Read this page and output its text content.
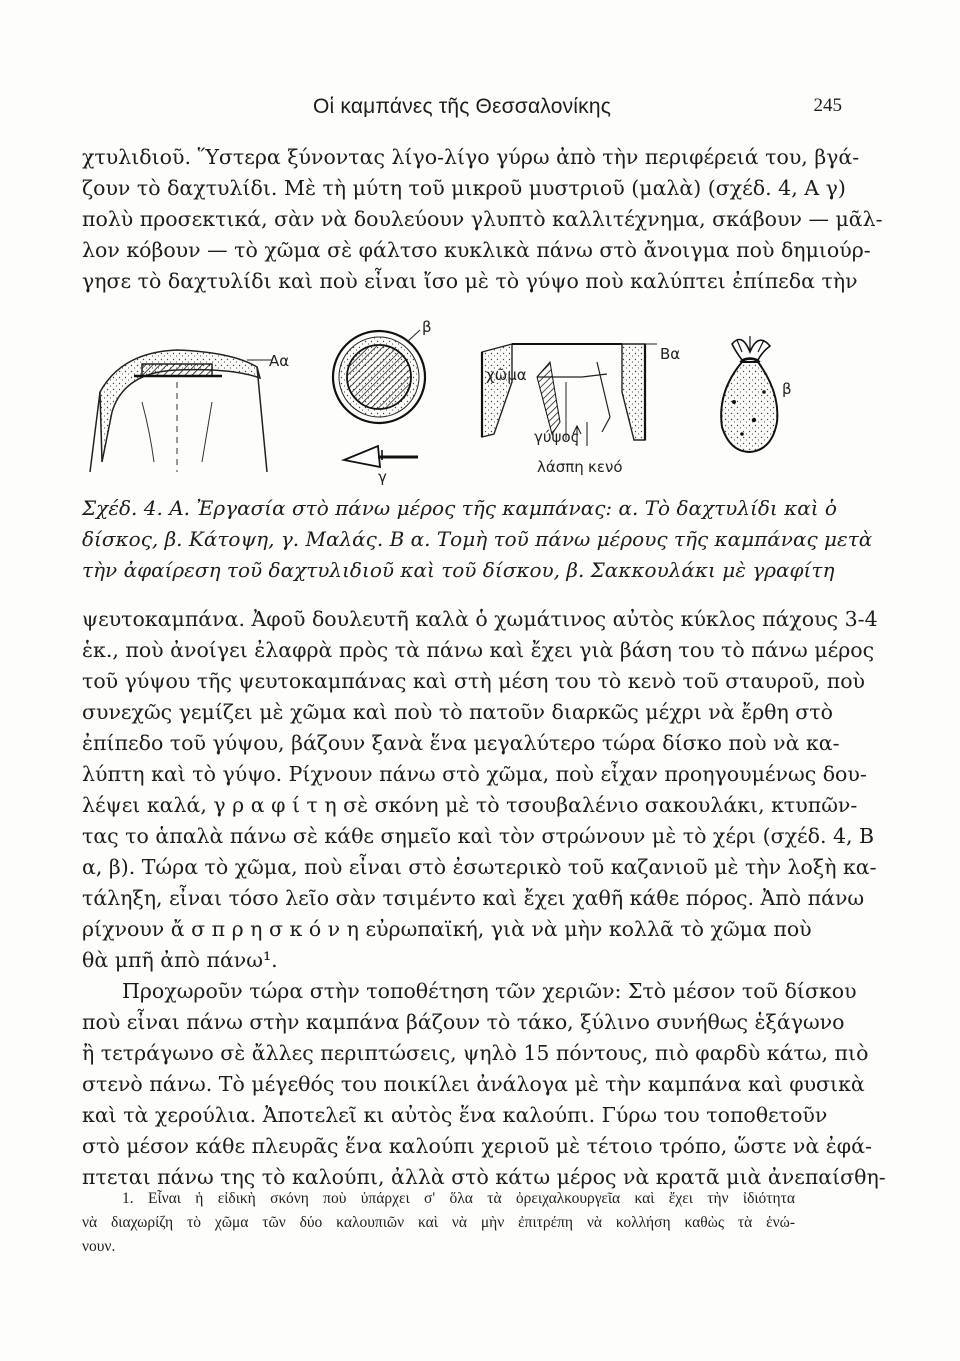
Οἱ καμπάνες τῆς Θεσσαλονίκης	245
χτυλιδιοῦ. Ὕστερα ξύνοντας λίγο-λίγο γύρω ἀπὸ τὴν περιφέρειά του, βγά-
ζουν τὸ δαχτυλίδι. Μὲ τὴ μύτη τοῦ μικροῦ μυστριοῦ (μαλὰ) (σχέδ. 4, Α γ)
πολὺ προσεκτικά, σὰν νὰ δουλεύουν γλυπτὸ καλλιτέχνημα, σκάβουν — μᾶλ-
λον κόβουν — τὸ χῶμα σὲ φάλτσο κυκλικὰ πάνω στὸ ἄνοιγμα ποὺ δημιούρ-
γησε τὸ δαχτυλίδι καὶ ποὺ εἶναι ἴσο μὲ τὸ γύψο ποὺ καλύπτει ἐπίπεδα τὴν
Αα
β
γ
Βα
χῶμα
γύψος
λάσπη κενό
β
Σχέδ. 4. Α. Ἐργασία στὸ πάνω μέρος τῆς καμπάνας: α. Τὸ δαχτυλίδι καὶ ὁ
δίσκος, β. Κάτοψη, γ. Μαλάς. Β α. Τομὴ τοῦ πάνω μέρους τῆς καμπάνας μετὰ
τὴν ἀφαίρεση τοῦ δαχτυλιδιοῦ καὶ τοῦ δίσκου, β. Σακκουλάκι μὲ γραφίτη
ψευτοκαμπάνα. Ἀφοῦ δουλευτῆ καλὰ ὁ χωμάτινος αὐτὸς κύκλος πάχους 3-4
ἑκ., ποὺ ἀνοίγει ἐλαφρὰ πρὸς τὰ πάνω καὶ ἔχει γιὰ βάση του τὸ πάνω μέρος
τοῦ γύψου τῆς ψευτοκαμπάνας καὶ στὴ μέση του τὸ κενὸ τοῦ σταυροῦ, ποὺ
συνεχῶς γεμίζει μὲ χῶμα καὶ ποὺ τὸ πατοῦν διαρκῶς μέχρι νὰ ἔρθη στὸ
ἐπίπεδο τοῦ γύψου, βάζουν ξανὰ ἕνα μεγαλύτερο τώρα δίσκο ποὺ νὰ κα-
λύπτη καὶ τὸ γύψο. Ρίχνουν πάνω στὸ χῶμα, ποὺ εἶχαν προηγουμένως δου-
λέψει καλά, γ ρ α φ ί τ η σὲ σκόνη μὲ τὸ τσουβαλένιο σακουλάκι, κτυπῶν-
τας το ἁπαλὰ πάνω σὲ κάθε σημεῖο καὶ τὸν στρώνουν μὲ τὸ χέρι (σχέδ. 4, Β
α, β). Τώρα τὸ χῶμα, ποὺ εἶναι στὸ ἐσωτερικὸ τοῦ καζανιοῦ μὲ τὴν λοξὴ κα-
τάληξη, εἶναι τόσο λεῖο σὰν τσιμέντο καὶ ἔχει χαθῆ κάθε πόρος. Ἀπὸ πάνω
ρίχνουν ἄ σ π ρ η σ κ ό ν η εὐρωπαϊκή, γιὰ νὰ μὴν κολλᾶ τὸ χῶμα ποὺ
θὰ μπῆ ἀπὸ πάνω¹.
Προχωροῦν τώρα στὴν τοποθέτηση τῶν χεριῶν: Στὸ μέσον τοῦ δίσκου
ποὺ εἶναι πάνω στὴν καμπάνα βάζουν τὸ τάκο, ξύλινο συνήθως ἑξάγωνο
ἢ τετράγωνο σὲ ἄλλες περιπτώσεις, ψηλὸ 15 πόντους, πιὸ φαρδὺ κάτω, πιὸ
στενὸ πάνω. Τὸ μέγεθός του ποικίλει ἀνάλογα μὲ τὴν καμπάνα καὶ φυσικὰ
καὶ τὰ χερούλια. Ἀποτελεῖ κι αὐτὸς ἕνα καλούπι. Γύρω του τοποθετοῦν
στὸ μέσον κάθε πλευρᾶς ἕνα καλούπι χεριοῦ μὲ τέτοιο τρόπο, ὥστε νὰ ἐφά-
πτεται πάνω της τὸ καλούπι, ἀλλὰ στὸ κάτω μέρος νὰ κρατᾶ μιὰ ἀνεπαίσθη-
1. Εἶναι ἡ εἰδικὴ σκόνη ποὺ ὑπάρχει σ' ὅλα τὰ ὀρειχαλκουργεῖα καὶ ἔχει τὴν ἰδιότητα
νὰ διαχωρίζη τὸ χῶμα τῶν δύο καλουπιῶν καὶ νὰ μὴν ἐπιτρέπη νὰ κολλήση καθὼς τὰ ἑνώ-
νουν.
